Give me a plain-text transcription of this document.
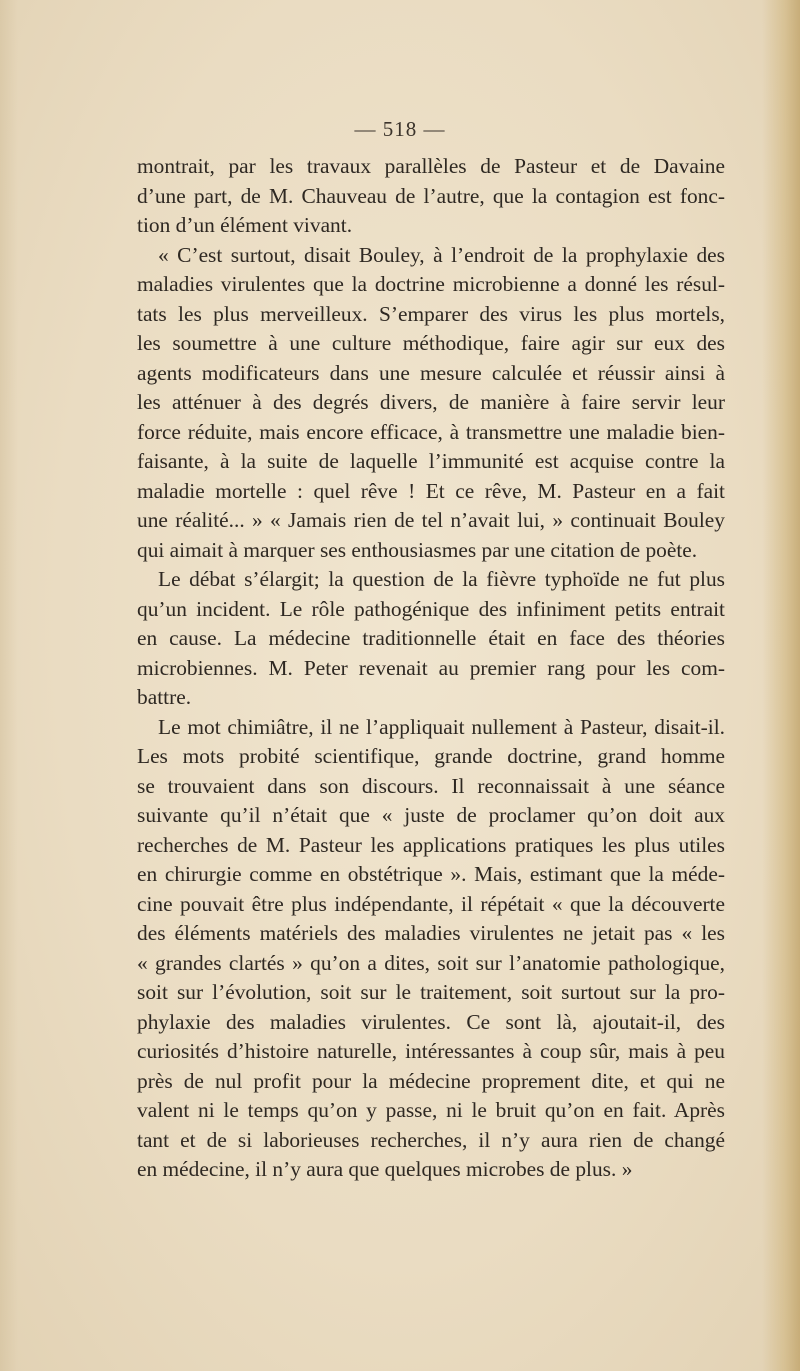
— 518 —
montrait, par les travaux parallèles de Pasteur et de Davaine
d’une part, de M. Chauveau de l’autre, que la contagion est fonc-
tion d’un élément vivant.
« C’est surtout, disait Bouley, à l’endroit de la prophylaxie des
maladies virulentes que la doctrine microbienne a donné les résul-
tats les plus merveilleux. S’emparer des virus les plus mortels,
les soumettre à une culture méthodique, faire agir sur eux des
agents modificateurs dans une mesure calculée et réussir ainsi à
les atténuer à des degrés divers, de manière à faire servir leur
force réduite, mais encore efficace, à transmettre une maladie bien-
faisante, à la suite de laquelle l’immunité est acquise contre la
maladie mortelle : quel rêve ! Et ce rêve, M. Pasteur en a fait
une réalité... » « Jamais rien de tel n’avait lui, » continuait Bouley
qui aimait à marquer ses enthousiasmes par une citation de poète.
Le débat s’élargit; la question de la fièvre typhoïde ne fut plus
qu’un incident. Le rôle pathogénique des infiniment petits entrait
en cause. La médecine traditionnelle était en face des théories
microbiennes. M. Peter revenait au premier rang pour les com-
battre.
Le mot chimiâtre, il ne l’appliquait nullement à Pasteur, disait-il.
Les mots probité scientifique, grande doctrine, grand homme
se trouvaient dans son discours. Il reconnaissait à une séance
suivante qu’il n’était que « juste de proclamer qu’on doit aux
recherches de M. Pasteur les applications pratiques les plus utiles
en chirurgie comme en obstétrique ». Mais, estimant que la méde-
cine pouvait être plus indépendante, il répétait « que la découverte
des éléments matériels des maladies virulentes ne jetait pas « les
« grandes clartés » qu’on a dites, soit sur l’anatomie pathologique,
soit sur l’évolution, soit sur le traitement, soit surtout sur la pro-
phylaxie des maladies virulentes. Ce sont là, ajoutait-il, des
curiosités d’histoire naturelle, intéressantes à coup sûr, mais à peu
près de nul profit pour la médecine proprement dite, et qui ne
valent ni le temps qu’on y passe, ni le bruit qu’on en fait. Après
tant et de si laborieuses recherches, il n’y aura rien de changé
en médecine, il n’y aura que quelques microbes de plus. »
